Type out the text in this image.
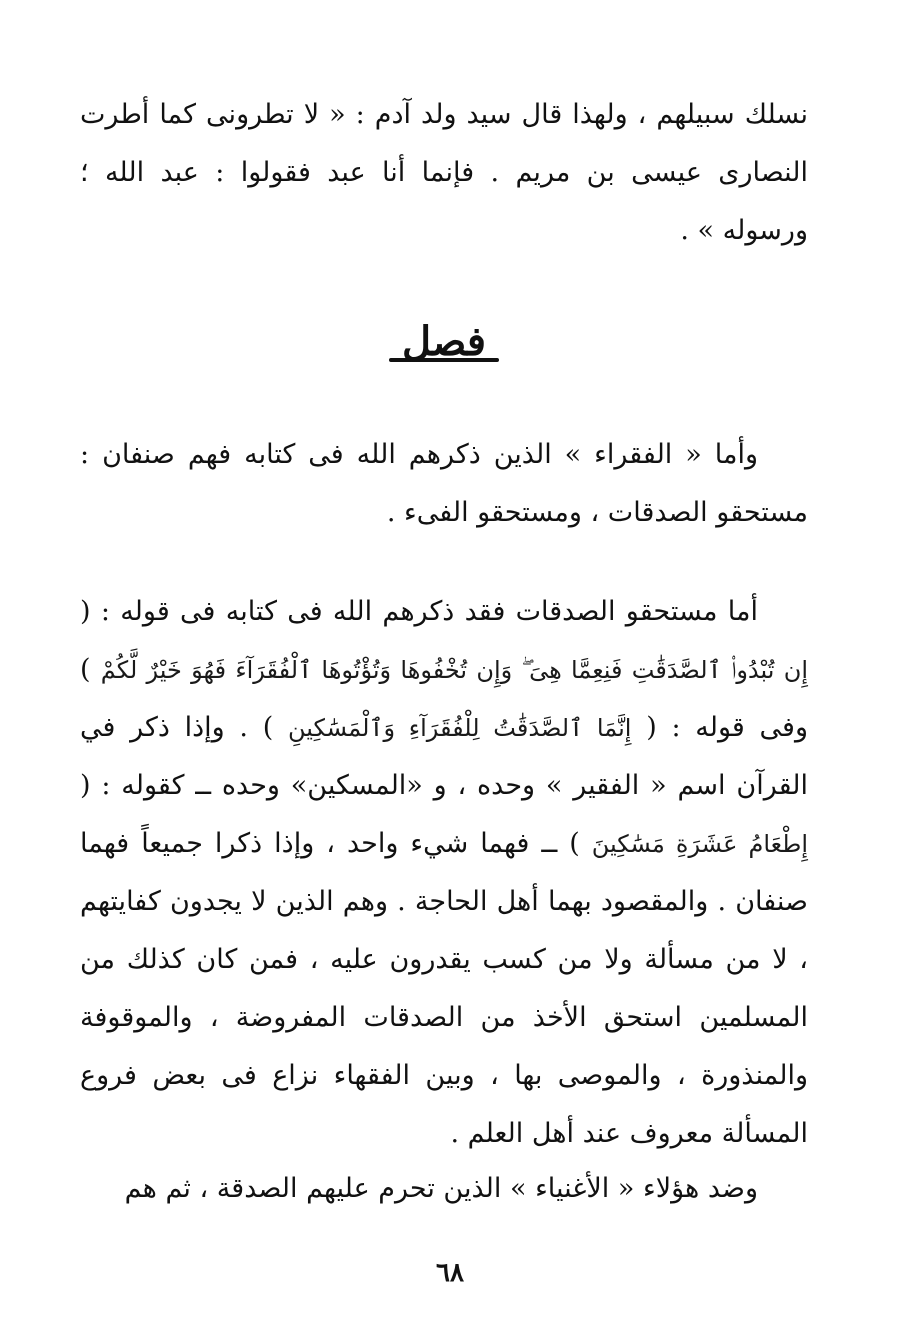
نسلك سبيلهم ، ولهذا قال سيد ولد آدم : « لا تطرونى كما أطرت النصارى عيسى بن مريم . فإنما أنا عبد فقولوا : عبد الله ؛ ورسوله » .

فصل

وأما « الفقراء » الذين ذكرهم الله فى كتابه فهم صنفان : مستحقو الصدقات ، ومستحقو الفىء .

أما مستحقو الصدقات فقد ذكرهم الله فى كتابه فى قوله : ( إِن تُبْدُوا۟ ٱلصَّدَقَٰتِ فَنِعِمَّا هِىَ ۖ وَإِن تُخْفُوهَا وَتُؤْتُوهَا ٱلْفُقَرَآءَ فَهُوَ خَيْرٌ لَّكُمْ ) وفى قوله : ( إِنَّمَا ٱلصَّدَقَٰتُ لِلْفُقَرَآءِ وَٱلْمَسَٰكِينِ ) . وإذا ذكر في القرآن اسم « الفقير » وحده ، و «المسكين» وحده ــ كقوله : ( إِطْعَامُ عَشَرَةِ مَسَٰكِينَ ) ــ فهما شيء واحد ، وإذا ذكرا جميعاً فهما صنفان . والمقصود بهما أهل الحاجة . وهم الذين لا يجدون كفايتهم ، لا من مسألة ولا من كسب يقدرون عليه ، فمن كان كذلك من المسلمين استحق الأخذ من الصدقات المفروضة ، والموقوفة والمنذورة ، والموصى بها ، وبين الفقهاء نزاع فى بعض فروع المسألة معروف عند أهل العلم .

وضد هؤلاء « الأغنياء » الذين تحرم عليهم الصدقة ، ثم هم

٦٨
